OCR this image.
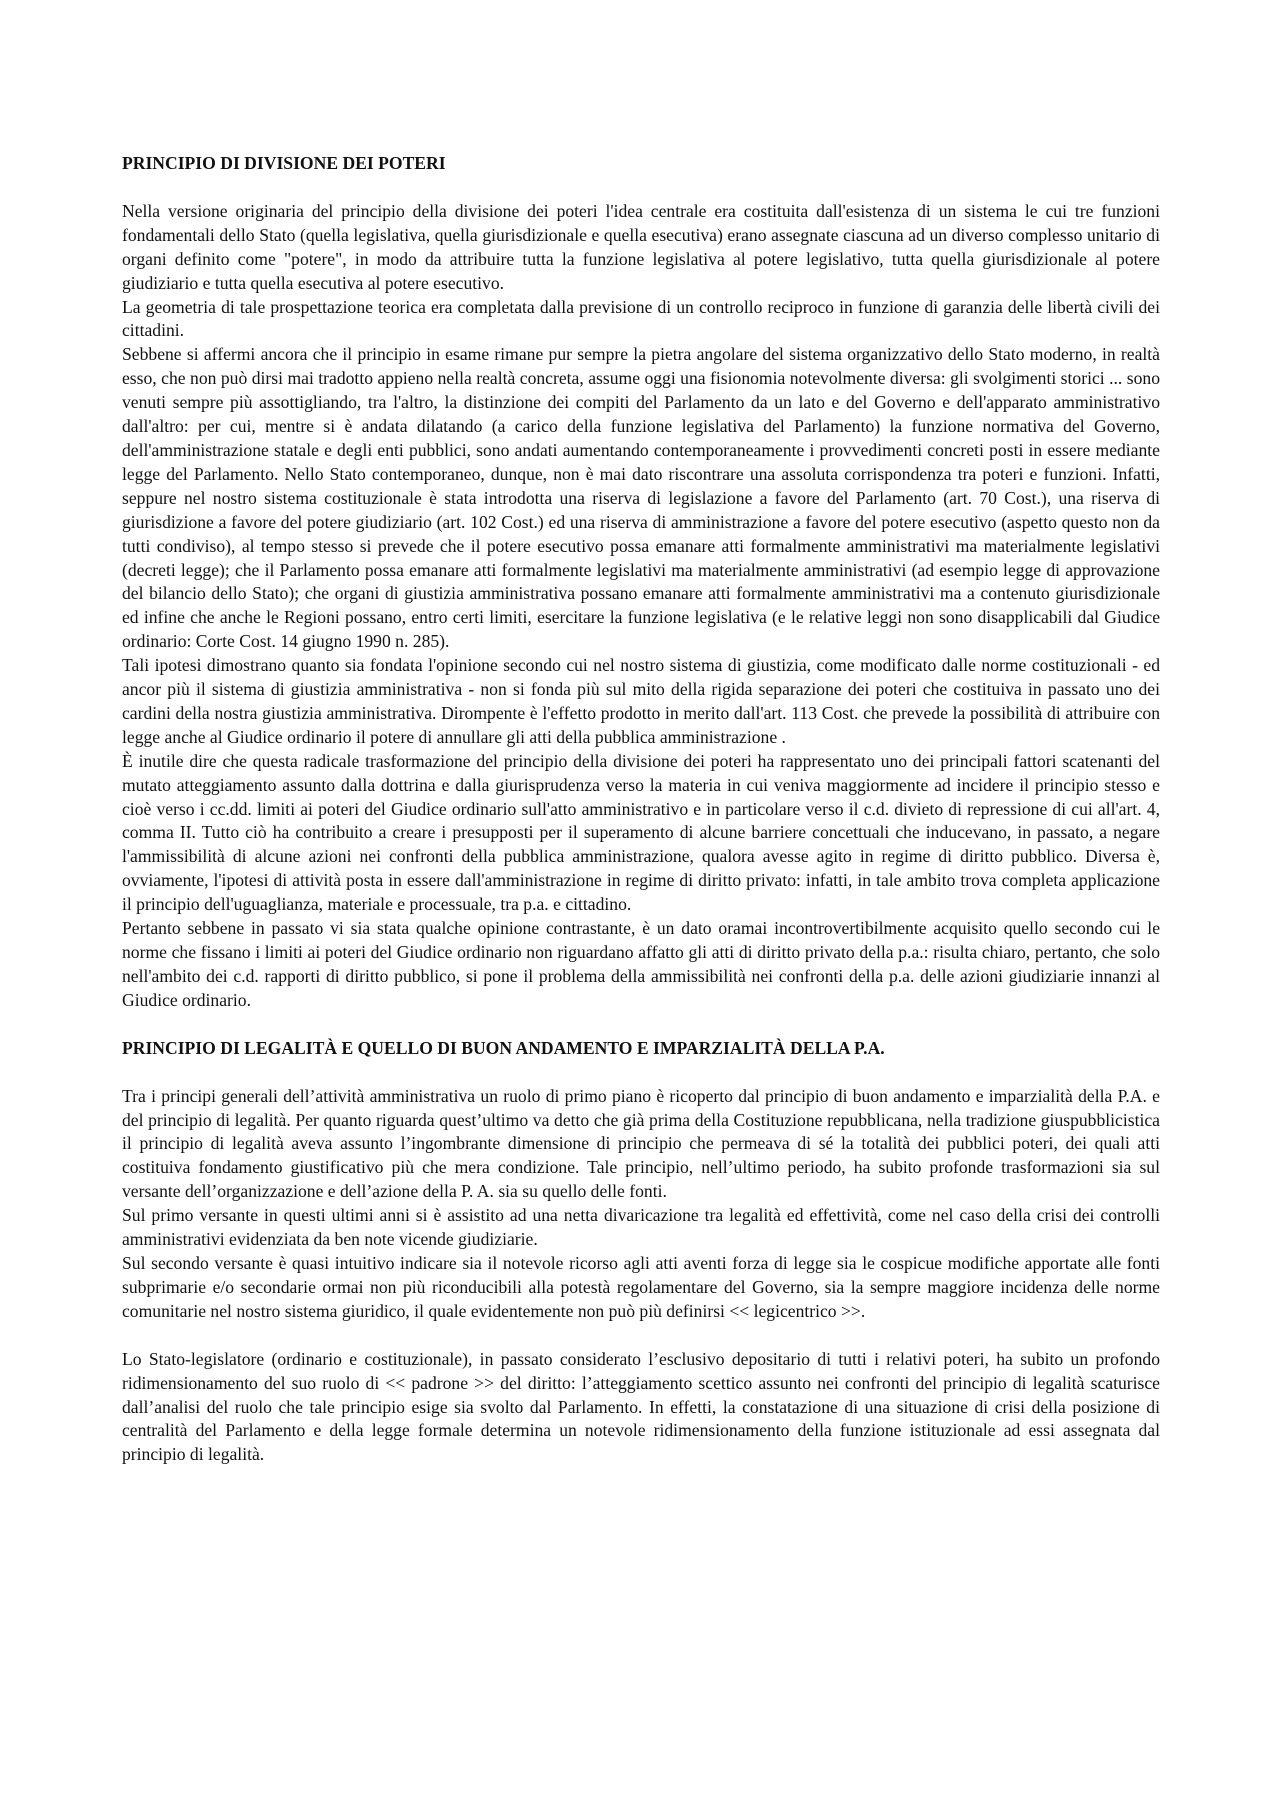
PRINCIPIO DI DIVISIONE DEI POTERI

Nella versione originaria del principio della divisione dei poteri l'idea centrale era costituita dall'esistenza di un sistema le cui tre funzioni fondamentali dello Stato (quella legislativa, quella giurisdizionale e quella esecutiva) erano assegnate ciascuna ad un diverso complesso unitario di organi definito come "potere", in modo da attribuire tutta la funzione legislativa al potere legislativo, tutta quella giurisdizionale al potere giudiziario e tutta quella esecutiva al potere esecutivo.

La geometria di tale prospettazione teorica era completata dalla previsione di un controllo reciproco in funzione di garanzia delle libertà civili dei cittadini.

Sebbene si affermi ancora che il principio in esame rimane pur sempre la pietra angolare del sistema organizzativo dello Stato moderno, in realtà esso, che non può dirsi mai tradotto appieno nella realtà concreta, assume oggi una fisionomia notevolmente diversa: gli svolgimenti storici ... sono venuti sempre più assottigliando, tra l'altro, la distinzione dei compiti del Parlamento da un lato e del Governo e dell'apparato amministrativo dall'altro: per cui, mentre si è andata dilatando (a carico della funzione legislativa del Parlamento) la funzione normativa del Governo, dell'amministrazione statale e degli enti pubblici, sono andati aumentando contemporaneamente i provvedimenti concreti posti in essere mediante legge del Parlamento. Nello Stato contemporaneo, dunque, non è mai dato riscontrare una assoluta corrispondenza tra poteri e funzioni. Infatti, seppure nel nostro sistema costituzionale è stata introdotta una riserva di legislazione a favore del Parlamento (art. 70 Cost.), una riserva di giurisdizione a favore del potere giudiziario (art. 102 Cost.) ed una riserva di amministrazione a favore del potere esecutivo (aspetto questo non da tutti condiviso), al tempo stesso si prevede che il potere esecutivo possa emanare atti formalmente amministrativi ma materialmente legislativi (decreti legge); che il Parlamento possa emanare atti formalmente legislativi ma materialmente amministrativi (ad esempio legge di approvazione del bilancio dello Stato); che organi di giustizia amministrativa possano emanare atti formalmente amministrativi ma a contenuto giurisdizionale ed infine che anche le Regioni possano, entro certi limiti, esercitare la funzione legislativa (e le relative leggi non sono disapplicabili dal Giudice ordinario: Corte Cost. 14 giugno 1990 n. 285).

Tali ipotesi dimostrano quanto sia fondata l'opinione secondo cui nel nostro sistema di giustizia, come modificato dalle norme costituzionali - ed ancor più il sistema di giustizia amministrativa - non si fonda più sul mito della rigida separazione dei poteri che costituiva in passato uno dei cardini della nostra giustizia amministrativa. Dirompente è l'effetto prodotto in merito dall'art. 113 Cost. che prevede la possibilità di attribuire con legge anche al Giudice ordinario il potere di annullare gli atti della pubblica amministrazione .

È inutile dire che questa radicale trasformazione del principio della divisione dei poteri ha rappresentato uno dei principali fattori scatenanti del mutato atteggiamento assunto dalla dottrina e dalla giurisprudenza verso la materia in cui veniva maggiormente ad incidere il principio stesso e cioè verso i cc.dd. limiti ai poteri del Giudice ordinario sull'atto amministrativo e in particolare verso il c.d. divieto di repressione di cui all'art. 4, comma II. Tutto ciò ha contribuito a creare i presupposti per il superamento di alcune barriere concettuali che inducevano, in passato, a negare l'ammissibilità di alcune azioni nei confronti della pubblica amministrazione, qualora avesse agito in regime di diritto pubblico. Diversa è, ovviamente, l'ipotesi di attività posta in essere dall'amministrazione in regime di diritto privato: infatti, in tale ambito trova completa applicazione il principio dell'uguaglianza, materiale e processuale, tra p.a. e cittadino.

Pertanto sebbene in passato vi sia stata qualche opinione contrastante, è un dato oramai incontrovertibilmente acquisito quello secondo cui le norme che fissano i limiti ai poteri del Giudice ordinario non riguardano affatto gli atti di diritto privato della p.a.: risulta chiaro, pertanto, che solo nell'ambito dei c.d. rapporti di diritto pubblico, si pone il problema della ammissibilità nei confronti della p.a. delle azioni giudiziarie innanzi al Giudice ordinario.

PRINCIPIO DI LEGALITÀ E QUELLO DI BUON ANDAMENTO E IMPARZIALITÀ DELLA P.A.

Tra i principi generali dell’attività amministrativa un ruolo di primo piano è ricoperto dal principio di buon andamento e imparzialità della P.A. e del principio di legalità. Per quanto riguarda quest’ultimo va detto che già prima della Costituzione repubblicana, nella tradizione giuspubblicistica il principio di legalità aveva assunto l’ingombrante dimensione di principio che permeava di sé la totalità dei pubblici poteri, dei quali atti costituiva fondamento giustificativo più che mera condizione. Tale principio, nell’ultimo periodo, ha subito profonde trasformazioni sia sul versante dell’organizzazione e dell’azione della P. A. sia su quello delle fonti.

Sul primo versante in questi ultimi anni si è assistito ad una netta divaricazione tra legalità ed effettività, come nel caso della crisi dei controlli amministrativi evidenziata da ben note vicende giudiziarie.

Sul secondo versante è quasi intuitivo indicare sia il notevole ricorso agli atti aventi forza di legge sia le cospicue modifiche apportate alle fonti subprimarie e/o secondarie ormai non più riconducibili alla potestà regolamentare del Governo, sia la sempre maggiore incidenza delle norme comunitarie nel nostro sistema giuridico, il quale evidentemente non può più definirsi << legicentrico >>.

Lo Stato-legislatore (ordinario e costituzionale), in passato considerato l’esclusivo depositario di tutti i relativi poteri, ha subito un profondo ridimensionamento del suo ruolo di << padrone >> del diritto: l’atteggiamento scettico assunto nei confronti del principio di legalità scaturisce dall’analisi del ruolo che tale principio esige sia svolto dal Parlamento. In effetti, la constatazione di una situazione di crisi della posizione di centralità del Parlamento e della legge formale determina un notevole ridimensionamento della funzione istituzionale ad essi assegnata dal principio di legalità.
